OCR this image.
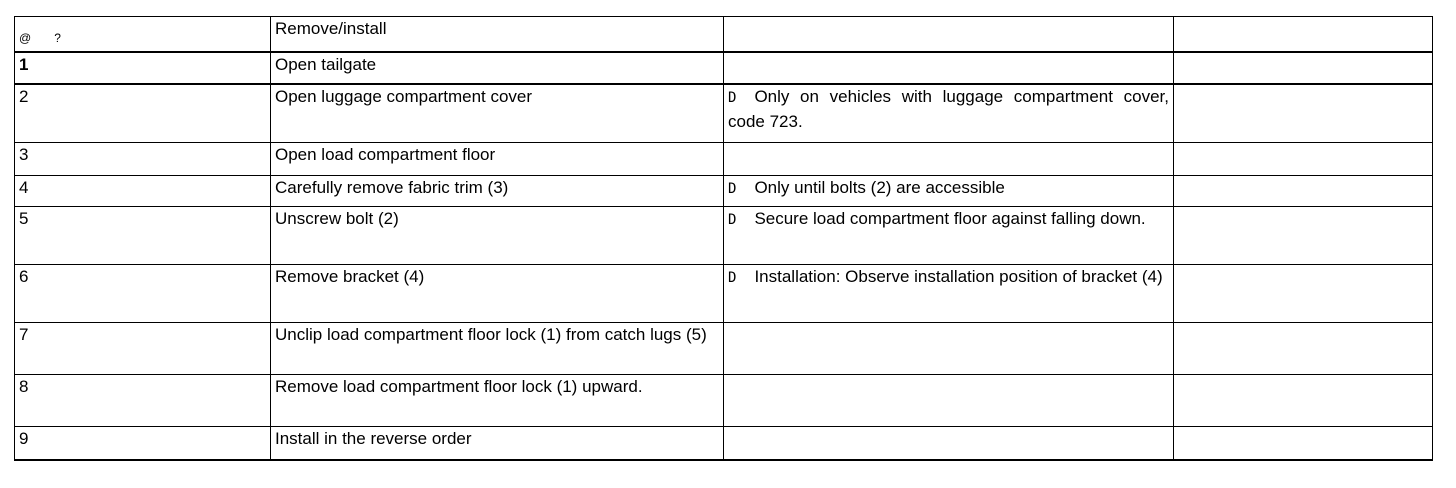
@ ?	Remove/install		
1	Open tailgate		
2	Open luggage compartment cover	D Only on vehicles with luggage compartment cover, code 723.	
3	Open load compartment floor		
4	Carefully remove fabric trim (3)	D Only until bolts (2) are accessible	
5	Unscrew bolt (2)	D Secure load compartment floor against falling down.	
6	Remove bracket (4)	D Installation: Observe installation position of bracket (4)	
7	Unclip load compartment floor lock (1) from catch lugs (5)		
8	Remove load compartment floor lock (1) upward.		
9	Install in the reverse order		
